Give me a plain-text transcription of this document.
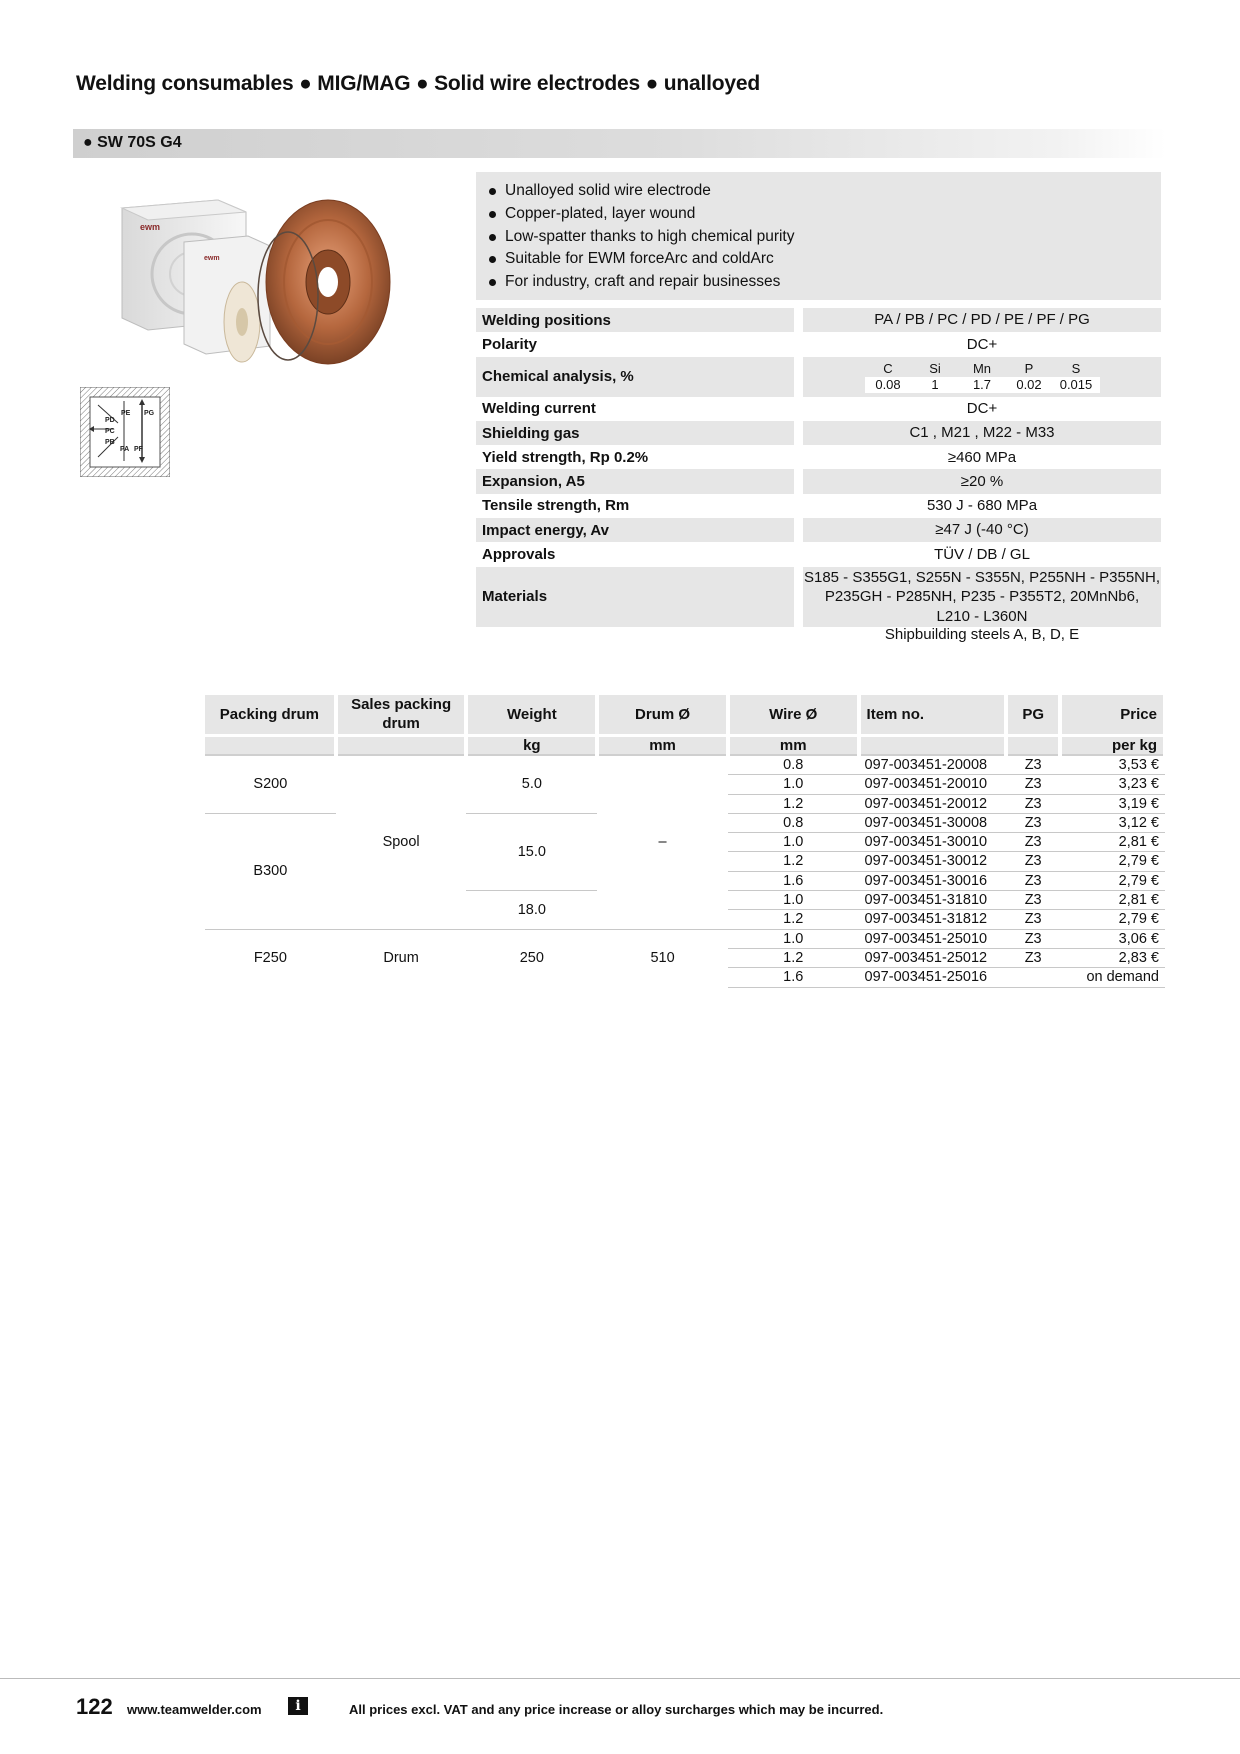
Welding consumables ● MIG/MAG ● Solid wire electrodes ● unalloyed
● SW 70S G4
ewm
ewm
PE PG
PD
PC
PB
PA PF
Unalloyed solid wire electrode
Copper-plated, layer wound
Low-spatter thanks to high chemical purity
Suitable for EWM forceArc and coldArc
For industry, craft and repair businesses
Welding positions	PA / PB / PC / PD / PE / PF / PG
Polarity	DC+
Chemical analysis, %	C	Si	Mn	P	S
0.08	1	1.7	0.02	0.015
Welding current	DC+
Shielding gas	C1 , M21 , M22 - M33
Yield strength, Rp 0.2%	≥460 MPa
Expansion, A5	≥20 %
Tensile strength, Rm	530 J - 680 MPa
Impact energy, Av	≥47 J (-40 °C)
Approvals	TÜV / DB / GL
Materials
S185 - S355G1, S255N - S355N, P255NH - P355NH,
P235GH - P285NH, P235 - P355T2, 20MnNb6,
L210 - L360N
Shipbuilding steels A, B, D, E
Packing drum	Sales packing drum	Weight	Drum Ø	Wire Ø	Item no.	PG	Price
		kg	mm	mm			per kg
S200	Spool	5.0	–	0.8	097-003451-20008	Z3	3,53 €
				1.0	097-003451-20010	Z3	3,23 €
				1.2	097-003451-20012	Z3	3,19 €
B300		15.0		0.8	097-003451-30008	Z3	3,12 €
				1.0	097-003451-30010	Z3	2,81 €
				1.2	097-003451-30012	Z3	2,79 €
				1.6	097-003451-30016	Z3	2,79 €
		18.0		1.0	097-003451-31810	Z3	2,81 €
				1.2	097-003451-31812	Z3	2,79 €
F250	Drum	250	510	1.0	097-003451-25010	Z3	3,06 €
				1.2	097-003451-25012	Z3	2,83 €
				1.6	097-003451-25016		on demand
122 www.teamwelder.com	i	All prices excl. VAT and any price increase or alloy surcharges which may be incurred.
